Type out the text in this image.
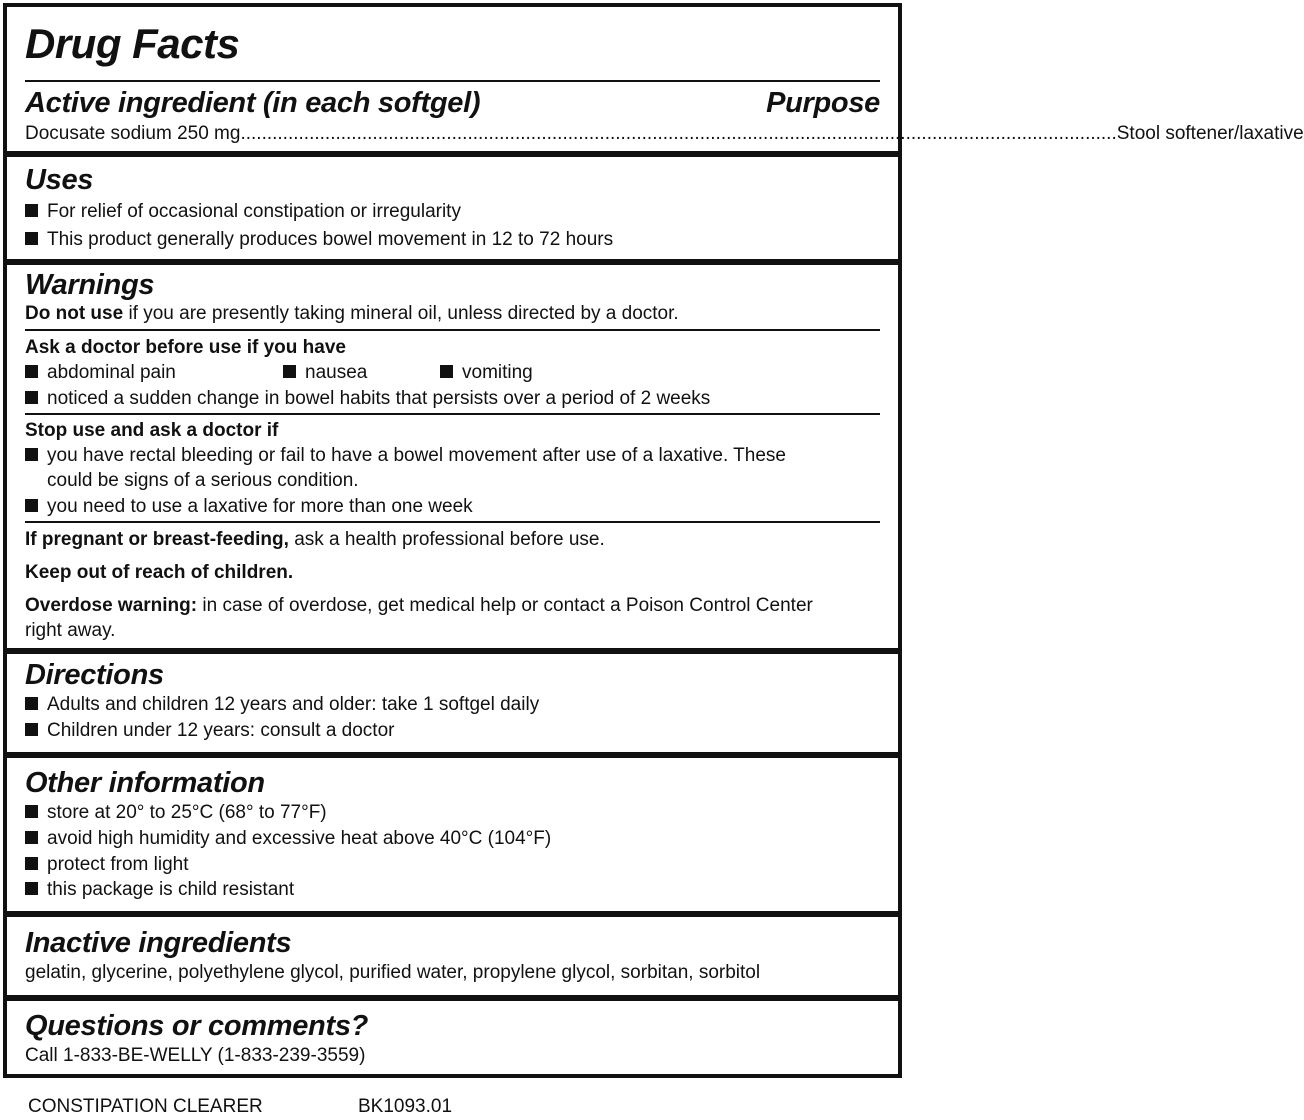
Drug Facts
Active ingredient (in each softgel)	Purpose
Docusate sodium 250 mg ...................................................................................................................................................................... Stool softener/laxative
Uses
For relief of occasional constipation or irregularity
This product generally produces bowel movement in 12 to 72 hours
Warnings
Do not use if you are presently taking mineral oil, unless directed by a doctor.
Ask a doctor before use if you have
abdominal pain	nausea	vomiting
noticed a sudden change in bowel habits that persists over a period of 2 weeks
Stop use and ask a doctor if
you have rectal bleeding or fail to have a bowel movement after use of a laxative. These
could be signs of a serious condition.
you need to use a laxative for more than one week
If pregnant or breast-feeding, ask a health professional before use.
Keep out of reach of children.
Overdose warning: in case of overdose, get medical help or contact a Poison Control Center
right away.
Directions
Adults and children 12 years and older: take 1 softgel daily
Children under 12 years: consult a doctor
Other information
store at 20° to 25°C (68° to 77°F)
avoid high humidity and excessive heat above 40°C (104°F)
protect from light
this package is child resistant
Inactive ingredients
gelatin, glycerine, polyethylene glycol, purified water, propylene glycol, sorbitan, sorbitol
Questions or comments?
Call 1-833-BE-WELLY (1-833-239-3559)
CONSTIPATION CLEARER	BK1093.01
